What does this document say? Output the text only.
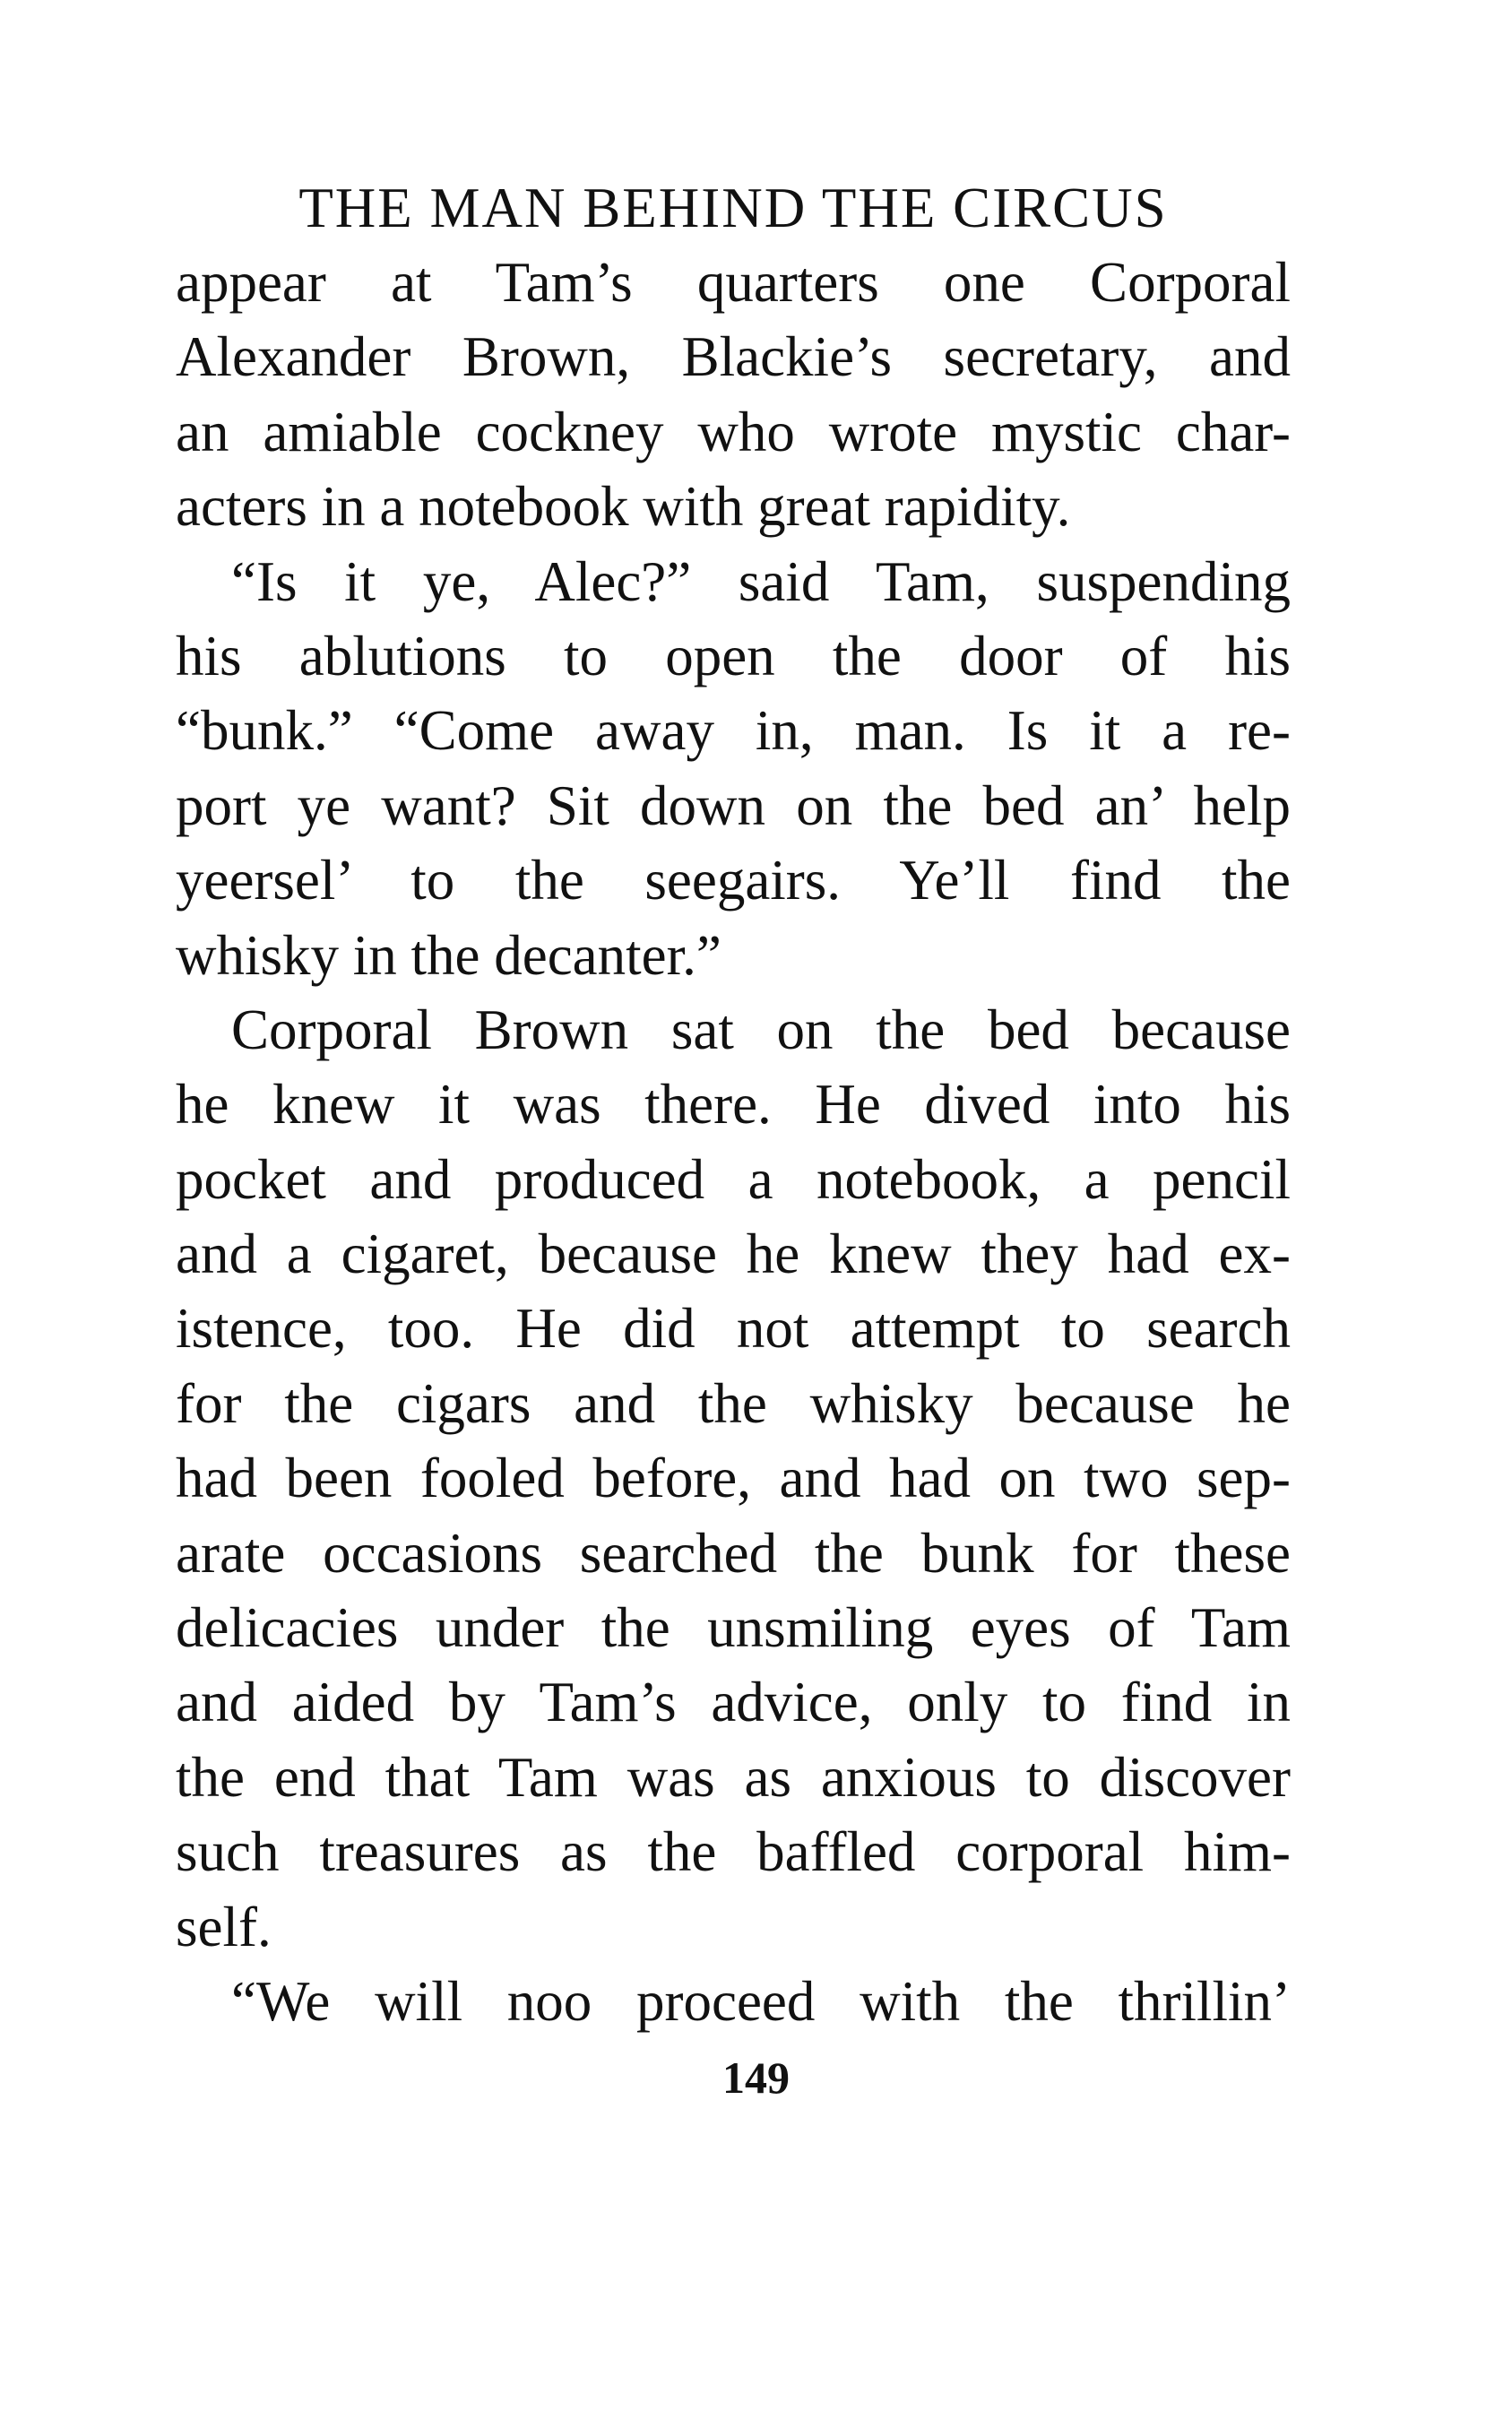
THE MAN BEHIND THE CIRCUS
appear at Tam’s quarters one Corporal
Alexander Brown, Blackie’s secretary, and
an amiable cockney who wrote mystic char-
acters in a notebook with great rapidity.
“Is it ye, Alec?” said Tam, suspending
his ablutions to open the door of his
“bunk.” “Come away in, man. Is it a re-
port ye want? Sit down on the bed an’ help
yeersel’ to the seegairs. Ye’ll find the
whisky in the decanter.”
Corporal Brown sat on the bed because
he knew it was there. He dived into his
pocket and produced a notebook, a pencil
and a cigaret, because he knew they had ex-
istence, too. He did not attempt to search
for the cigars and the whisky because he
had been fooled before, and had on two sep-
arate occasions searched the bunk for these
delicacies under the unsmiling eyes of Tam
and aided by Tam’s advice, only to find in
the end that Tam was as anxious to discover
such treasures as the baffled corporal him-
self.
“We will noo proceed with the thrillin’
149
